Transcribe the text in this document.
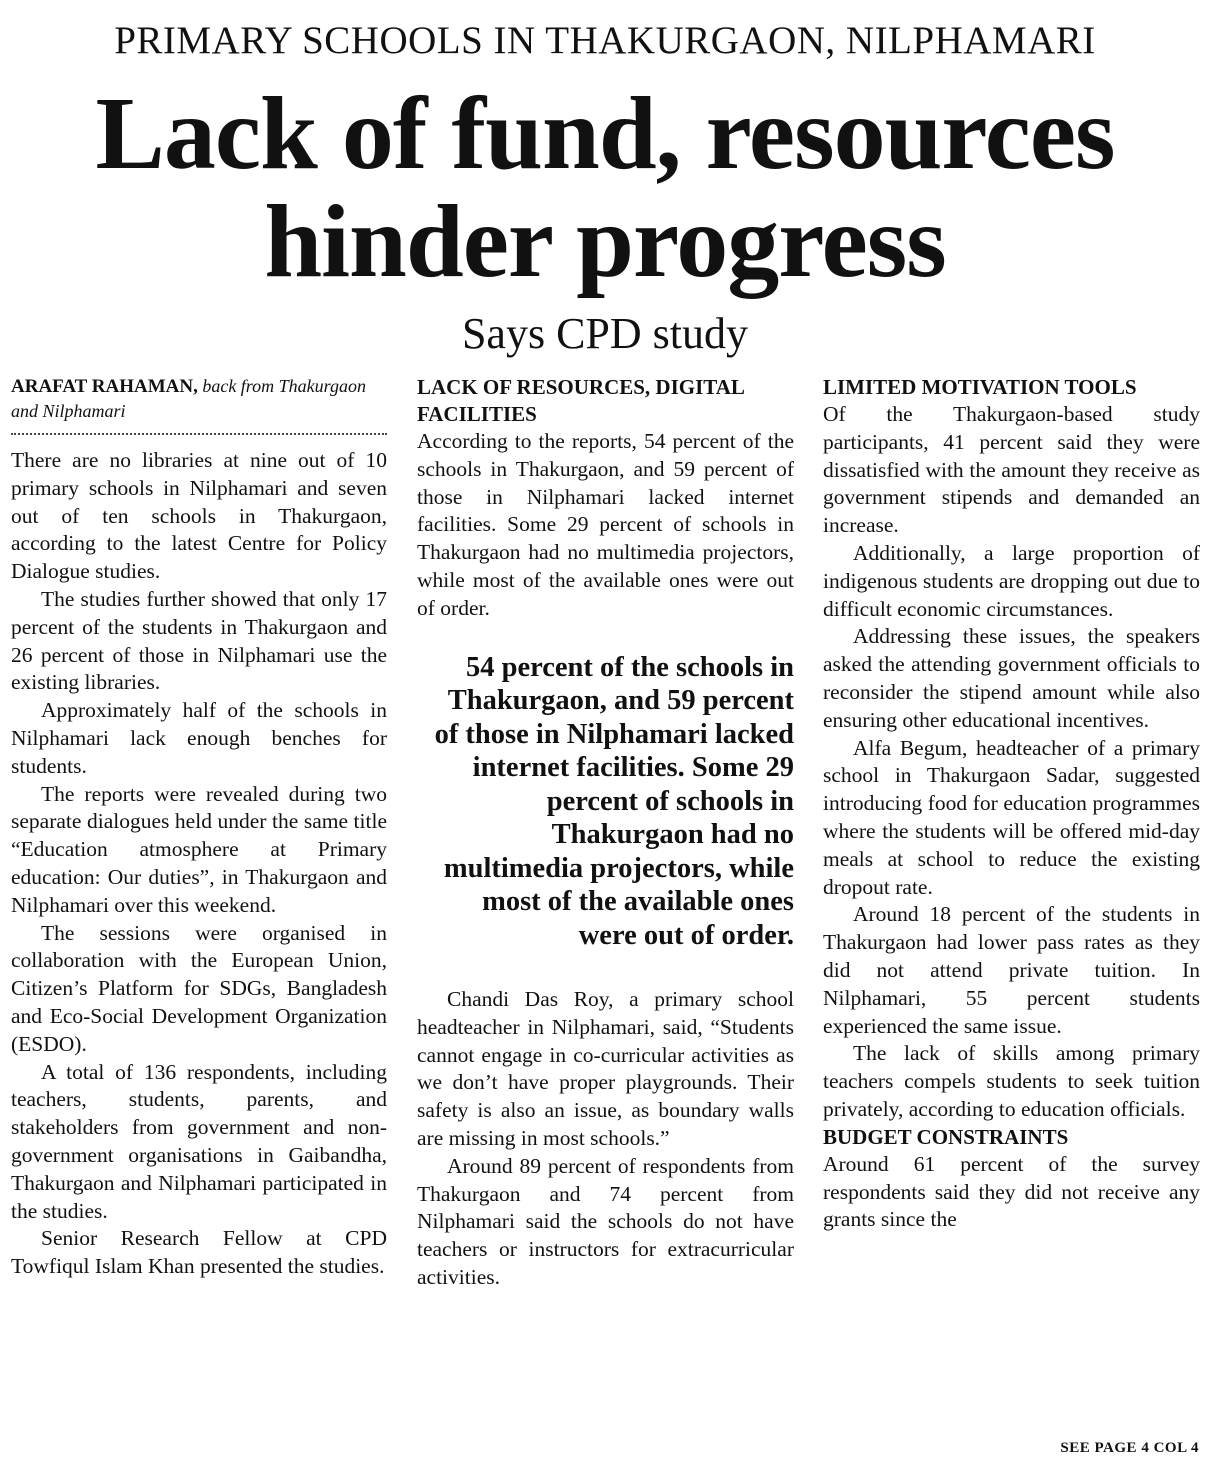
PRIMARY SCHOOLS IN THAKURGAON, NILPHAMARI
Lack of fund, resources
hinder progress
Says CPD study
ARAFAT RAHAMAN, back from Thakurgaon and Nilphamari

There are no libraries at nine out of 10 primary schools in Nilphamari and seven out of ten schools in Thakurgaon, according to the latest Centre for Policy Dialogue studies.

The studies further showed that only 17 percent of the students in Thakurgaon and 26 percent of those in Nilphamari use the existing libraries.

Approximately half of the schools in Nilphamari lack enough benches for students.

The reports were revealed during two separate dialogues held under the same title “Education atmosphere at Primary education: Our duties”, in Thakurgaon and Nilphamari over this weekend.

The sessions were organised in collaboration with the European Union, Citizen’s Platform for SDGs, Bangladesh and Eco-Social Development Organization (ESDO).

A total of 136 respondents, including teachers, students, parents, and stakeholders from government and non-government organisations in Gaibandha, Thakurgaon and Nilphamari participated in the studies.

Senior Research Fellow at CPD Towfiqul Islam Khan presented the studies.

LACK OF RESOURCES, DIGITAL FACILITIES

According to the reports, 54 percent of the schools in Thakurgaon, and 59 percent of those in Nilphamari lacked internet facilities. Some 29 percent of schools in Thakurgaon had no multimedia projectors, while most of the available ones were out of order.

54 percent of the schools in Thakurgaon, and 59 percent of those in Nilphamari lacked internet facilities. Some 29 percent of schools in Thakurgaon had no multimedia projectors, while most of the available ones were out of order.

Chandi Das Roy, a primary school headteacher in Nilphamari, said, “Students cannot engage in co-curricular activities as we don’t have proper playgrounds. Their safety is also an issue, as boundary walls are missing in most schools.”

Around 89 percent of respondents from Thakurgaon and 74 percent from Nilphamari said the schools do not have teachers or instructors for extracurricular activities.

LIMITED MOTIVATION TOOLS

Of the Thakurgaon-based study participants, 41 percent said they were dissatisfied with the amount they receive as government stipends and demanded an increase.

Additionally, a large proportion of indigenous students are dropping out due to difficult economic circumstances.

Addressing these issues, the speakers asked the attending government officials to reconsider the stipend amount while also ensuring other educational incentives.

Alfa Begum, headteacher of a primary school in Thakurgaon Sadar, suggested introducing food for education programmes where the students will be offered mid-day meals at school to reduce the existing dropout rate.

Around 18 percent of the students in Thakurgaon had lower pass rates as they did not attend private tuition. In Nilphamari, 55 percent students experienced the same issue.

The lack of skills among primary teachers compels students to seek tuition privately, according to education officials.

BUDGET CONSTRAINTS

Around 61 percent of the survey respondents said they did not receive any grants since the

SEE PAGE 4 COL 4
